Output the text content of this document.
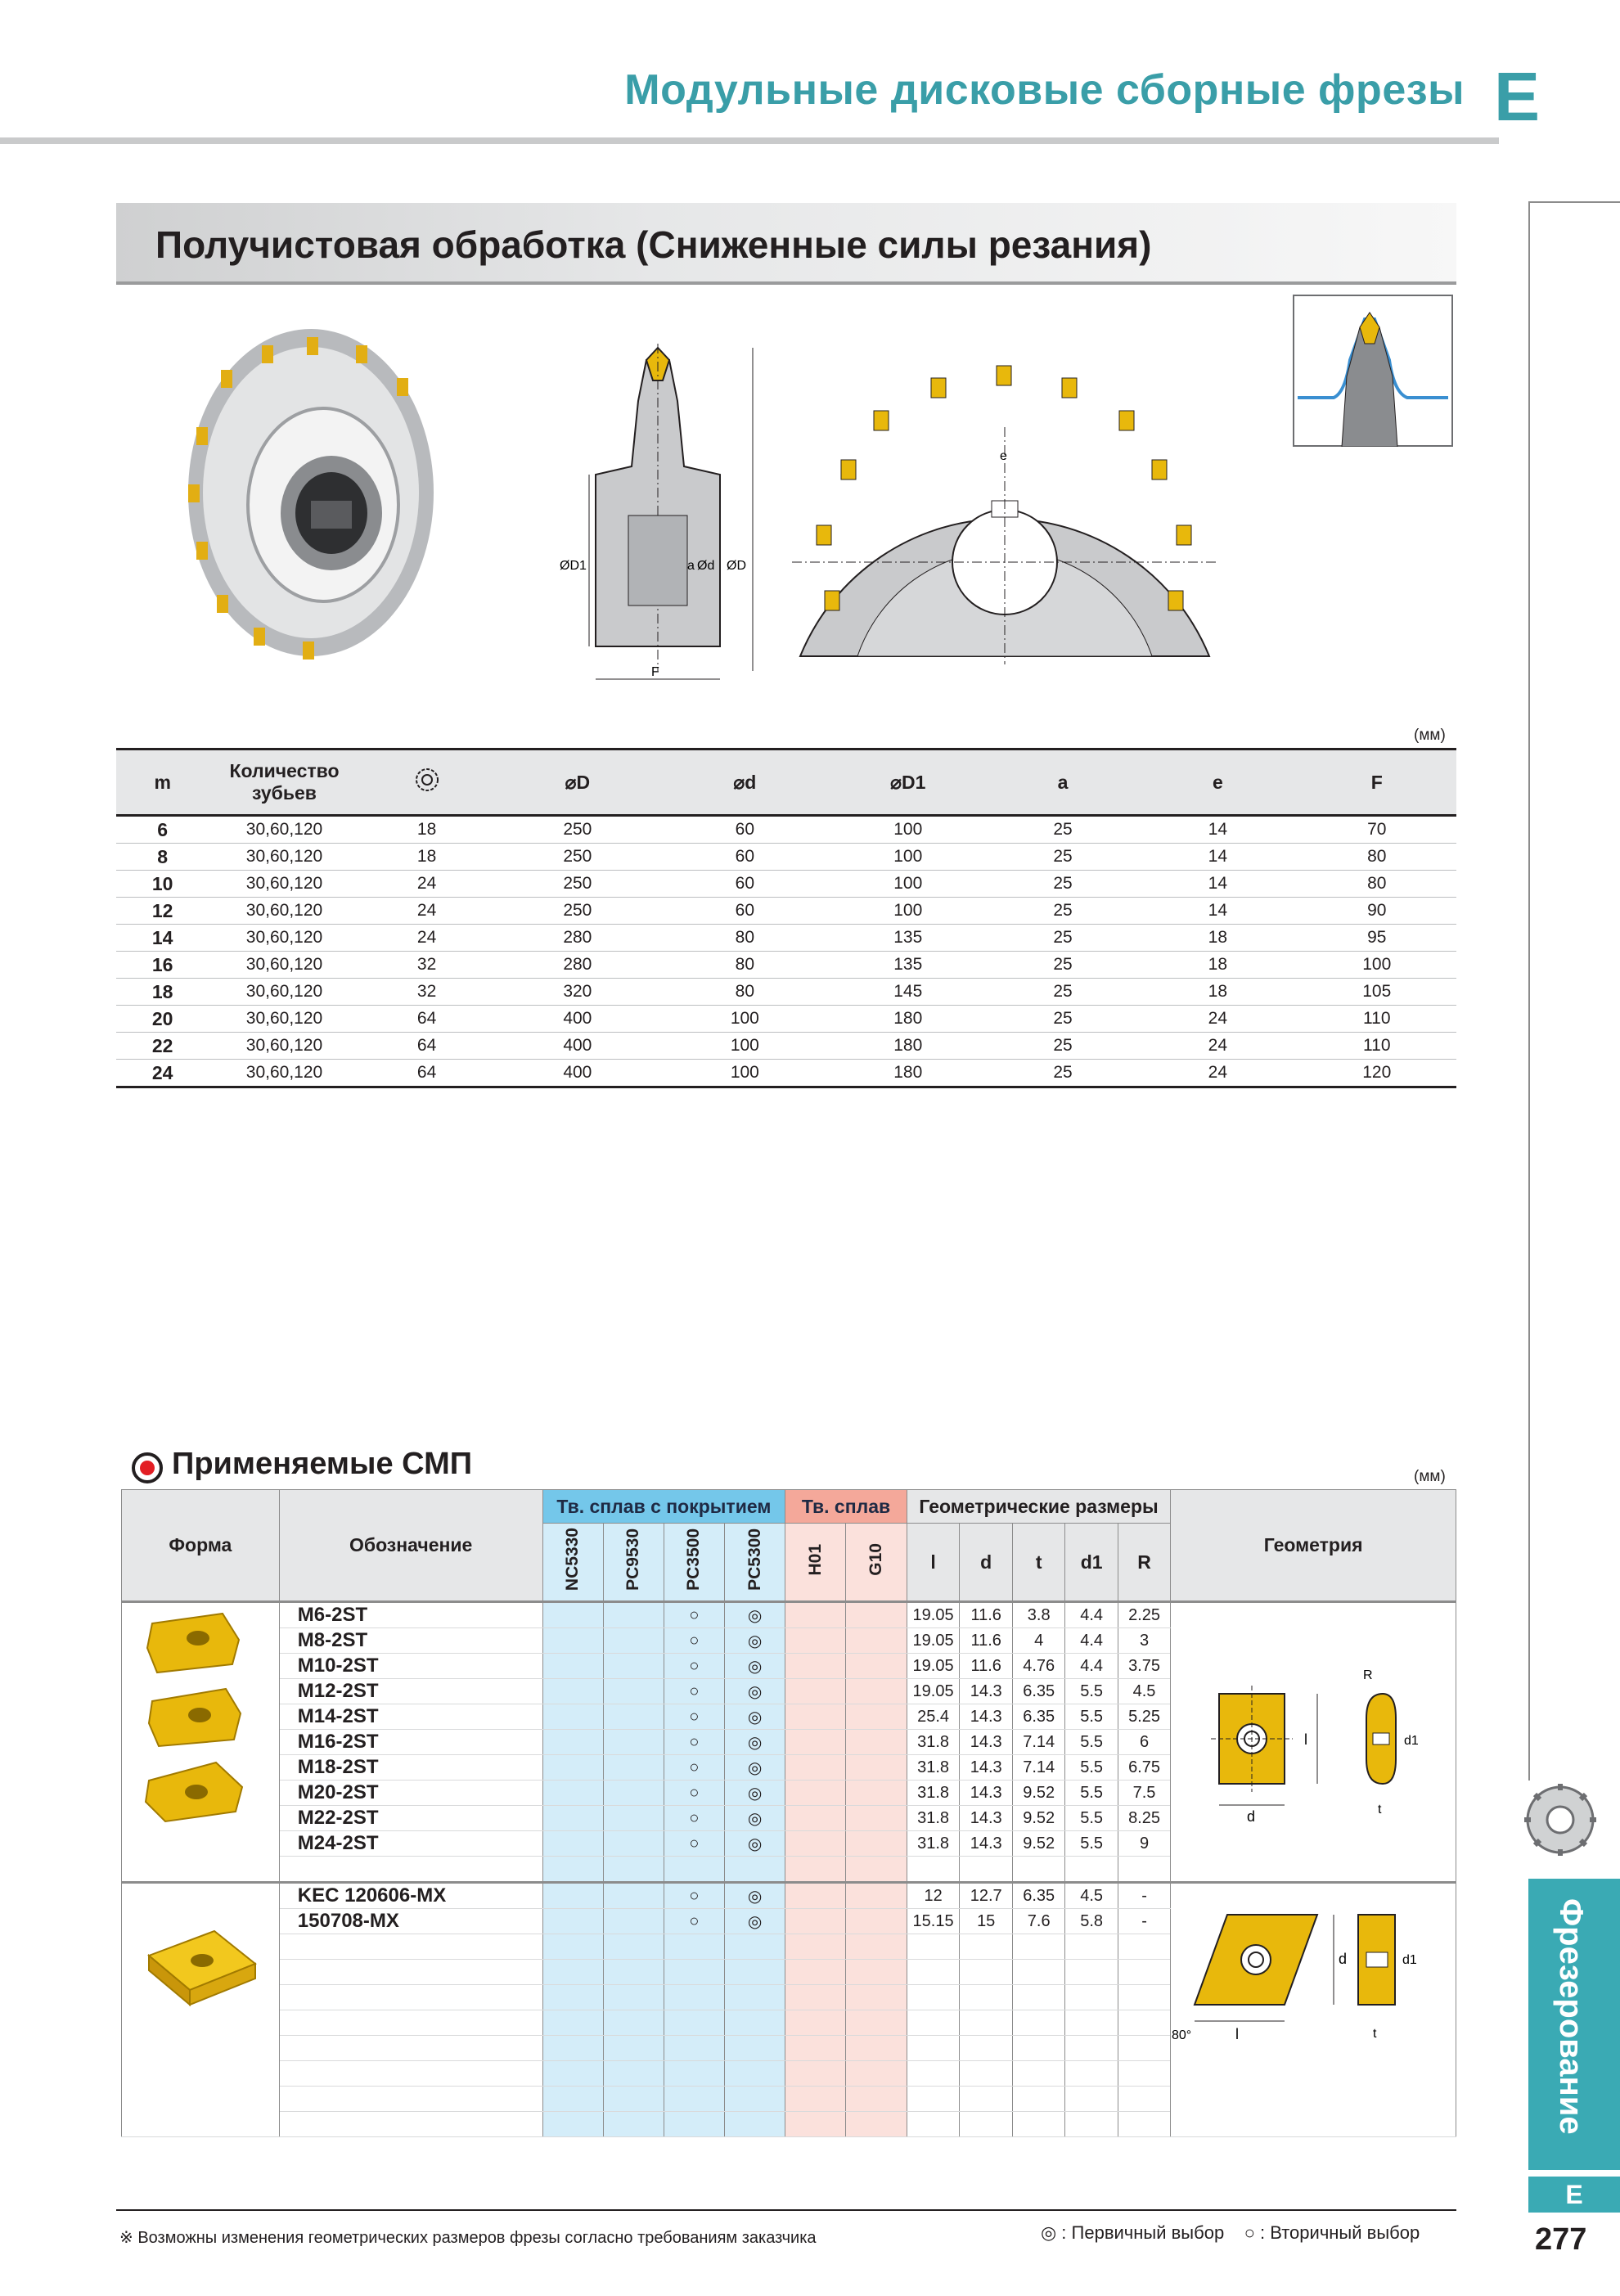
Модульные дисковые сборные фрезы E
Фрезерование
E
277
Получистовая обработка (Сниженные силы резания)
ØD1	a Ød ØD
F
e
(мм)
m	Количество зубьев		⌀D	⌀d	⌀D1	a	e	F
6	30,60,120	18	250	60	100	25	14	70
8	30,60,120	18	250	60	100	25	14	80
10	30,60,120	24	250	60	100	25	14	80
12	30,60,120	24	250	60	100	25	14	90
14	30,60,120	24	280	80	135	25	18	95
16	30,60,120	32	280	80	135	25	18	100
18	30,60,120	32	320	80	145	25	18	105
20	30,60,120	64	400	100	180	25	24	110
22	30,60,120	64	400	100	180	25	24	110
24	30,60,120	64	400	100	180	25	24	120
Применяемые СМП	(мм)
Форма	Обозначение	Тв. сплав с покрытием				Тв. сплав		Геометрические размеры					Геометрия
		NC5330	PC9530	PC3500	PC5300	H01	G10	l	d	t	d1	R	
	M6-2ST			○	◎			19.05	11.6	3.8	4.4	2.25	
	M8-2ST			○	◎			19.05	11.6	4	4.4	3	
	M10-2ST			○	◎			19.05	11.6	4.76	4.4	3.75	
	M12-2ST			○	◎			19.05	14.3	6.35	5.5	4.5	
	M14-2ST			○	◎			25.4	14.3	6.35	5.5	5.25	
	M16-2ST			○	◎			31.8	14.3	7.14	5.5	6	
	M18-2ST			○	◎			31.8	14.3	7.14	5.5	6.75	
	M20-2ST			○	◎			31.8	14.3	9.52	5.5	7.5	
	M22-2ST			○	◎			31.8	14.3	9.52	5.5	8.25	
	M24-2ST			○	◎			31.8	14.3	9.52	5.5	9	

	KEC 120606-MX			○	◎			12	12.7	6.35	4.5	-	
	150708-MX			○	◎			15.15	15	7.6	5.8	-	

l
d
R
d1
t
80°	l
d	d1
t
※ Возможны изменения геометрических размеров фрезы согласно требованиям заказчика	◎ : Первичный выбор ○ : Вторичный выбор
